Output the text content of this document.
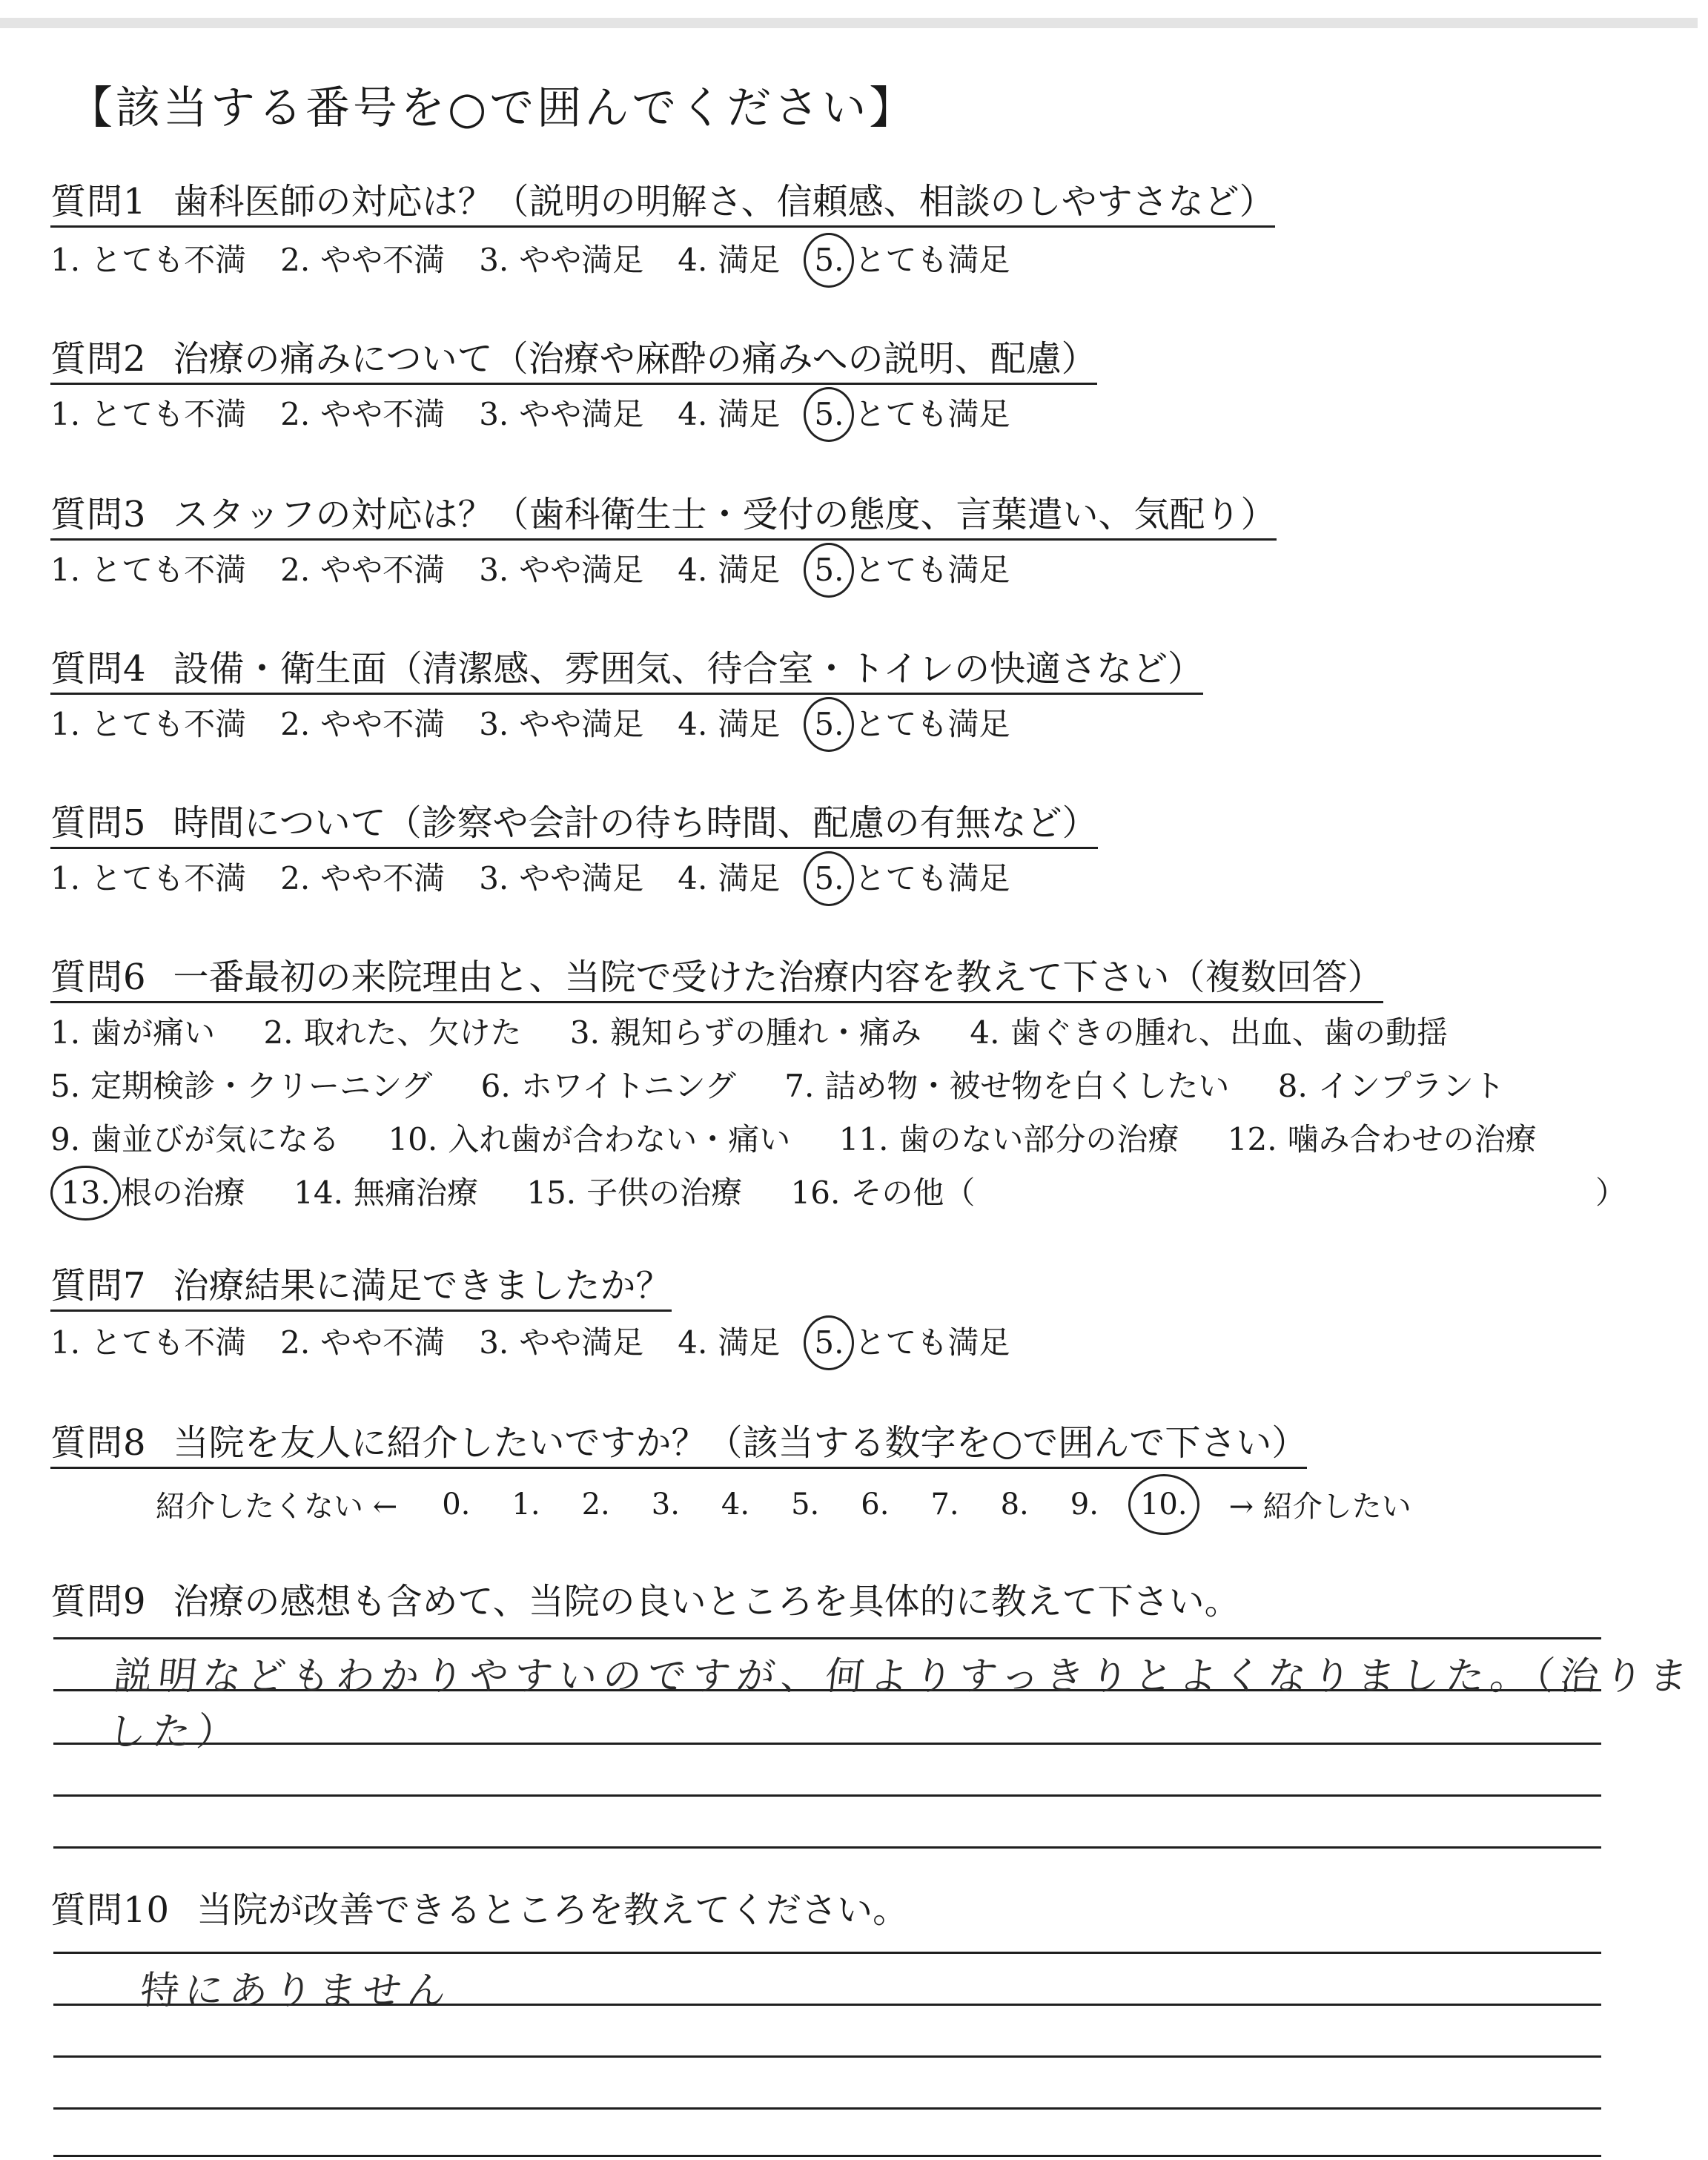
【該当する番号を○で囲んでください】
質問1 歯科医師の対応は？（説明の明解さ、信頼感、相談のしやすさなど）
1. とても不満 2. やや不満 3. やや満足 4. 満足 5. とても満足
質問2 治療の痛みについて（治療や麻酔の痛みへの説明、配慮）
1. とても不満 2. やや不満 3. やや満足 4. 満足 5. とても満足
質問3 スタッフの対応は？（歯科衛生士・受付の態度、言葉遣い、気配り）
1. とても不満 2. やや不満 3. やや満足 4. 満足 5. とても満足
質問4 設備・衛生面（清潔感、雰囲気、待合室・トイレの快適さなど）
1. とても不満 2. やや不満 3. やや満足 4. 満足 5. とても満足
質問5 時間について（診察や会計の待ち時間、配慮の有無など）
1. とても不満 2. やや不満 3. やや満足 4. 満足 5. とても満足
質問6 一番最初の来院理由と、当院で受けた治療内容を教えて下さい（複数回答）
1. 歯が痛い
2. 取れた、欠けた
3. 親知らずの腫れ・痛み
4. 歯ぐきの腫れ、出血、歯の動揺
5. 定期検診・クリーニング
6. ホワイトニング
7. 詰め物・被せ物を白くしたい
8. インプラント
9. 歯並びが気になる
10. 入れ歯が合わない・痛い
11. 歯のない部分の治療
12. 噛み合わせの治療
13. 根の治療
14. 無痛治療
15. 子供の治療
16. その他（	）
質問7 治療結果に満足できましたか？
1. とても不満 2. やや不満 3. やや満足 4. 満足 5. とても満足
質問8 当院を友人に紹介したいですか？（該当する数字を○で囲んで下さい）
紹介したくない ← 0. 1. 2. 3. 4. 5. 6. 7. 8. 9. 10. → 紹介したい
質問9 治療の感想も含めて、当院の良いところを具体的に教えて下さい。
説明などもわかりやすいのですが、何よりすっきりとよくなりました。（治りました）
質問10 当院が改善できるところを教えてください。
特にありません
